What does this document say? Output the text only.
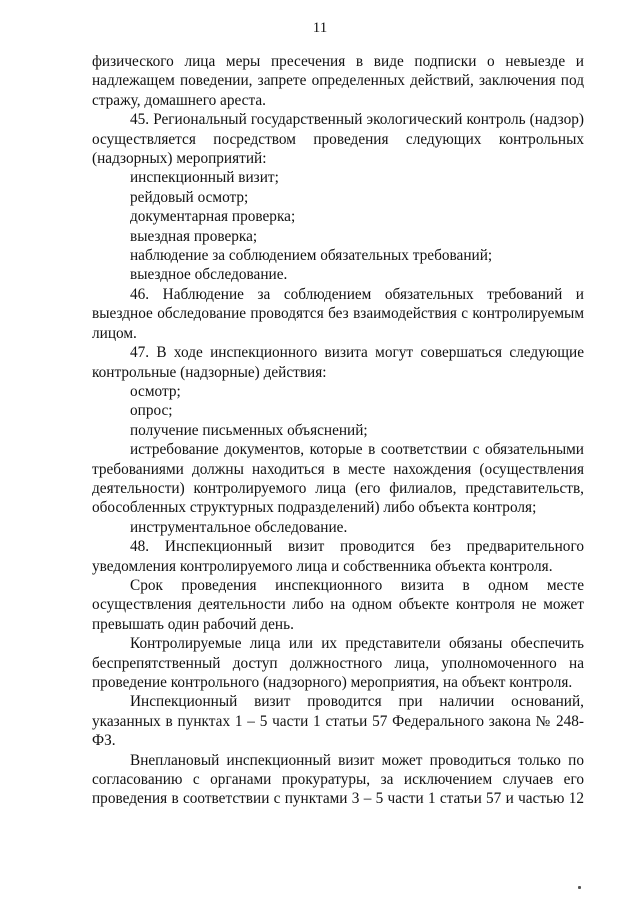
11

физического лица меры пресечения в виде подписки о невыезде и надлежащем поведении, запрете определенных действий, заключения под стражу, домашнего ареста.

45. Региональный государственный экологический контроль (надзор) осуществляется посредством проведения следующих контрольных (надзорных) мероприятий:

инспекционный визит;

рейдовый осмотр;

документарная проверка;

выездная проверка;

наблюдение за соблюдением обязательных требований;

выездное обследование.

46. Наблюдение за соблюдением обязательных требований и выездное обследование проводятся без взаимодействия с контролируемым лицом.

47. В ходе инспекционного визита могут совершаться следующие контрольные (надзорные) действия:

осмотр;

опрос;

получение письменных объяснений;

истребование документов, которые в соответствии с обязательными требованиями должны находиться в месте нахождения (осуществления деятельности) контролируемого лица (его филиалов, представительств, обособленных структурных подразделений) либо объекта контроля;

инструментальное обследование.

48. Инспекционный визит проводится без предварительного уведомления контролируемого лица и собственника объекта контроля.

Срок проведения инспекционного визита в одном месте осуществления деятельности либо на одном объекте контроля не может превышать один рабочий день.

Контролируемые лица или их представители обязаны обеспечить беспрепятственный доступ должностного лица, уполномоченного на проведение контрольного (надзорного) мероприятия, на объект контроля.

Инспекционный визит проводится при наличии оснований, указанных в пунктах 1 – 5 части 1 статьи 57 Федерального закона № 248-ФЗ.

Внеплановый инспекционный визит может проводиться только по согласованию с органами прокуратуры, за исключением случаев его проведения в соответствии с пунктами 3 – 5 части 1 статьи 57 и частью 12
